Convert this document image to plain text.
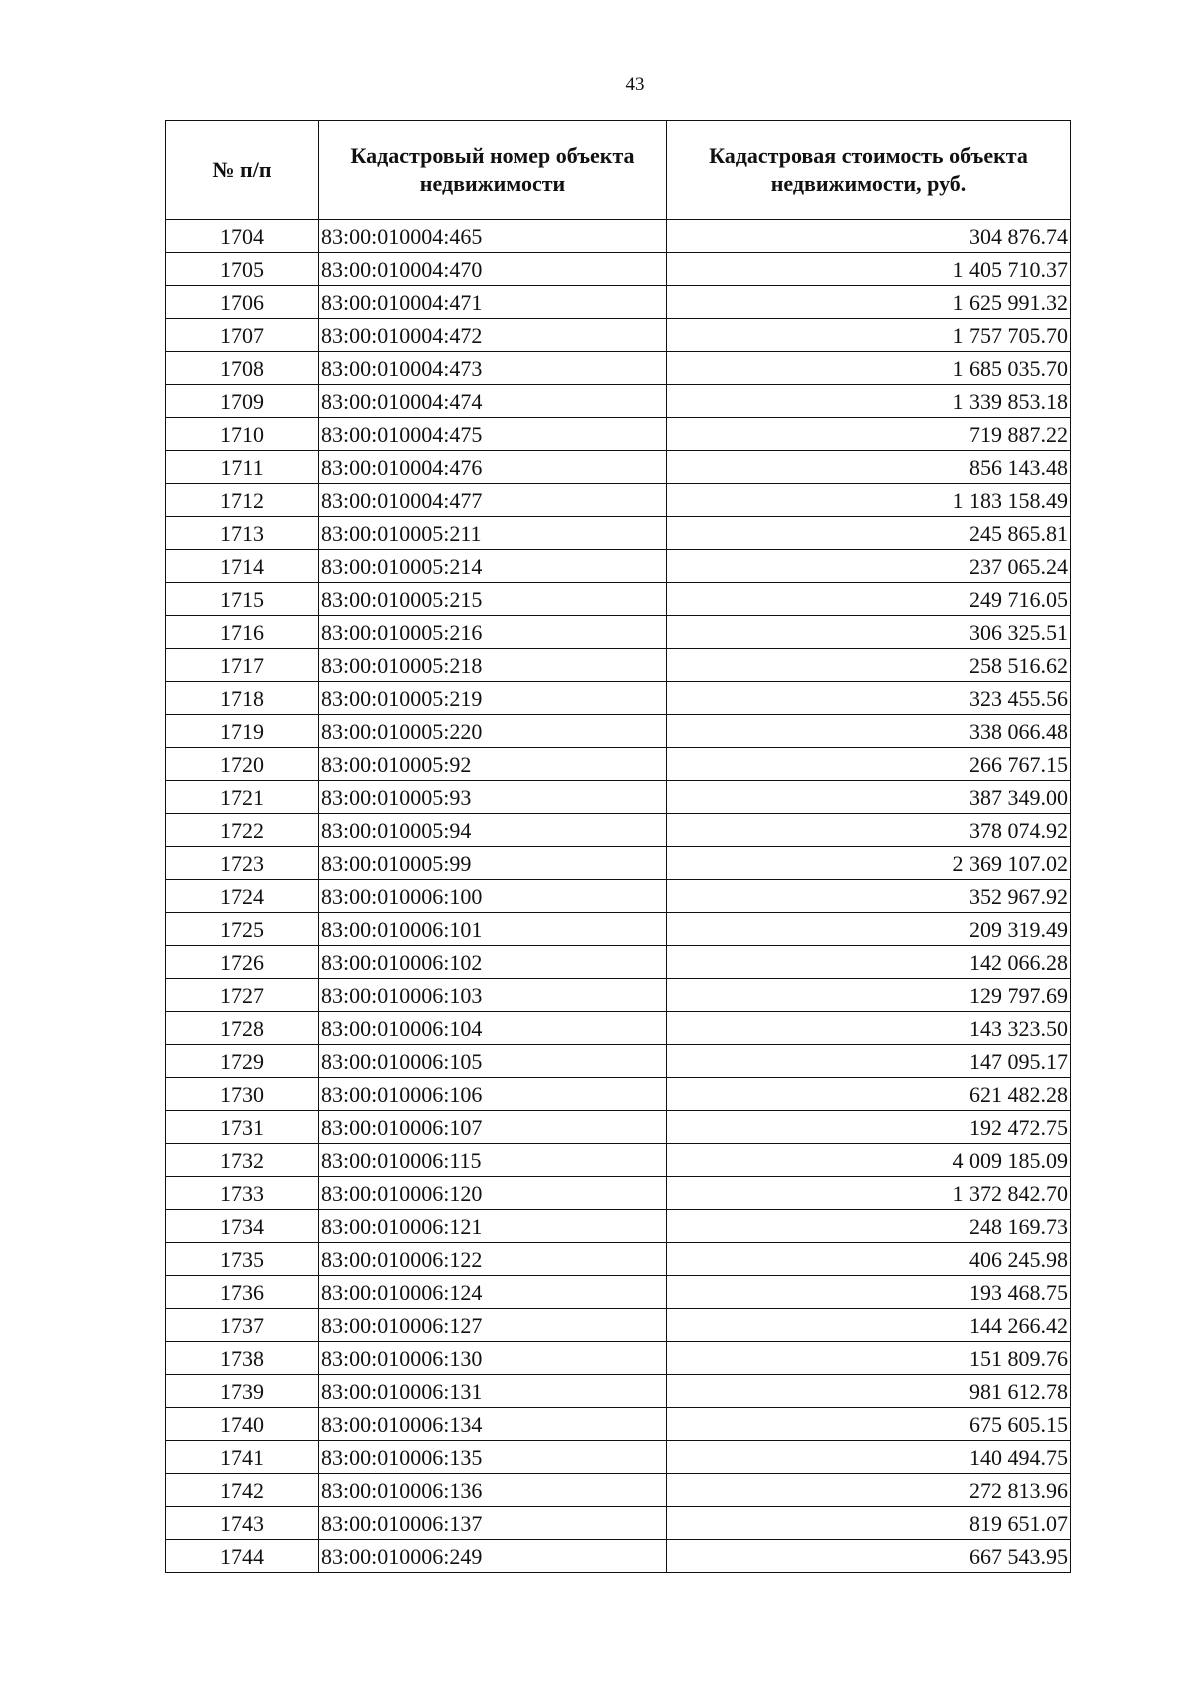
43
№ п/п	Кадастровый номер объекта недвижимости	Кадастровая стоимость объекта недвижимости, руб.
1704	83:00:010004:465	304 876.74
1705	83:00:010004:470	1 405 710.37
1706	83:00:010004:471	1 625 991.32
1707	83:00:010004:472	1 757 705.70
1708	83:00:010004:473	1 685 035.70
1709	83:00:010004:474	1 339 853.18
1710	83:00:010004:475	719 887.22
1711	83:00:010004:476	856 143.48
1712	83:00:010004:477	1 183 158.49
1713	83:00:010005:211	245 865.81
1714	83:00:010005:214	237 065.24
1715	83:00:010005:215	249 716.05
1716	83:00:010005:216	306 325.51
1717	83:00:010005:218	258 516.62
1718	83:00:010005:219	323 455.56
1719	83:00:010005:220	338 066.48
1720	83:00:010005:92	266 767.15
1721	83:00:010005:93	387 349.00
1722	83:00:010005:94	378 074.92
1723	83:00:010005:99	2 369 107.02
1724	83:00:010006:100	352 967.92
1725	83:00:010006:101	209 319.49
1726	83:00:010006:102	142 066.28
1727	83:00:010006:103	129 797.69
1728	83:00:010006:104	143 323.50
1729	83:00:010006:105	147 095.17
1730	83:00:010006:106	621 482.28
1731	83:00:010006:107	192 472.75
1732	83:00:010006:115	4 009 185.09
1733	83:00:010006:120	1 372 842.70
1734	83:00:010006:121	248 169.73
1735	83:00:010006:122	406 245.98
1736	83:00:010006:124	193 468.75
1737	83:00:010006:127	144 266.42
1738	83:00:010006:130	151 809.76
1739	83:00:010006:131	981 612.78
1740	83:00:010006:134	675 605.15
1741	83:00:010006:135	140 494.75
1742	83:00:010006:136	272 813.96
1743	83:00:010006:137	819 651.07
1744	83:00:010006:249	667 543.95
